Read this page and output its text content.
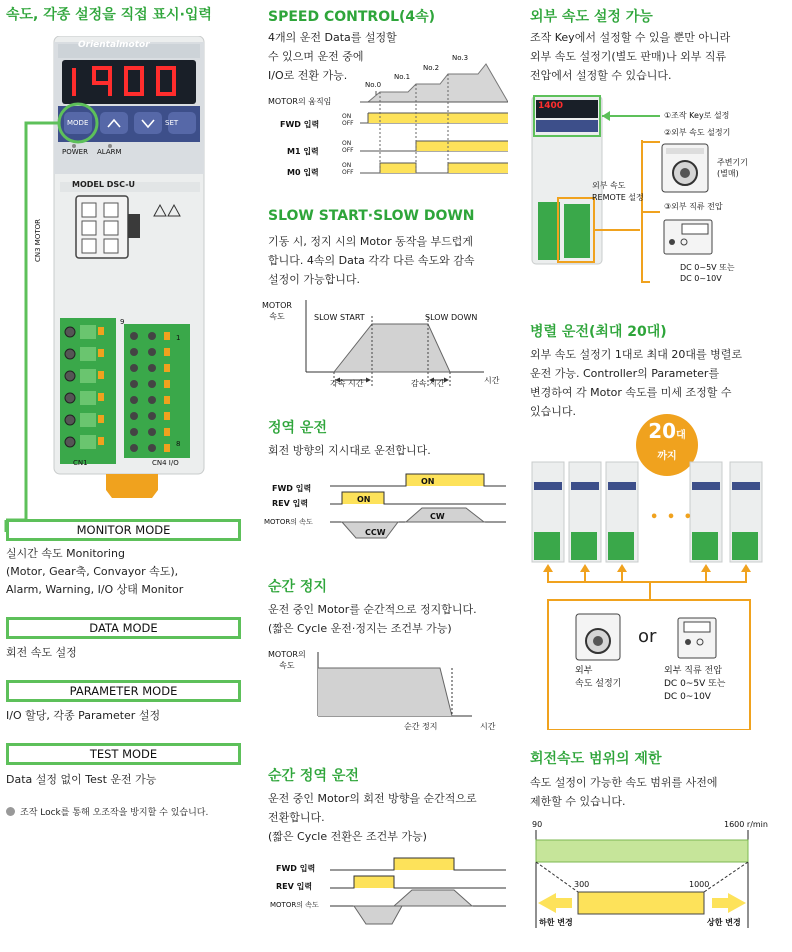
속도, 각종 설정을 직접 표시·입력
Orientalmotor
MODE	SET
POWER ALARM
MODEL DSC-U
CN3 MOTOR
CN1	CN4 I/O
1
8
9
MONITOR MODE
실시간 속도 Monitoring
(Motor, Gear축, Convayor 속도),
Alarm, Warning, I/O 상태 Monitor
DATA MODE
회전 속도 설정
PARAMETER MODE
I/O 할당, 각종 Parameter 설정
TEST MODE
Data 설정 없이 Test 운전 가능
조작 Lock를 통해 오조작을 방지할 수 있습니다.
SPEED CONTROL(4속)
4개의 운전 Data를 설정할
수 있으며 운전 중에
I/O로 전환 가능.
No.0
No.1
No.2
No.3
MOTOR의 움직임
FWD 입력
M1 입력
M0 입력
ON
OFF
ON
OFF
ON
OFF
SLOW START·SLOW DOWN
기동 시, 정지 시의 Motor 동작을 부드럽게
합니다. 4속의 Data 각각 다른 속도와 감속
설정이 가능합니다.
MOTOR
속도	SLOW START	SLOW DOWN
가속 시간	감속 시간	시간
정역 운전
회전 방향의 지시대로 운전합니다.
FWD 입력
REV 입력
MOTOR의 속도
ON
ON
CCW
CW
순간 정지
운전 중인 Motor를 순간적으로 정지합니다.
(짧은 Cycle 운전·정지는 조건부 가능)
MOTOR의
속도
순간 정지	시간
순간 정역 운전
운전 중인 Motor의 회전 방향을 순간적으로
전환합니다.
(짧은 Cycle 전환은 조건부 가능)
FWD 입력
REV 입력
MOTOR의 속도
외부 속도 설정 가능
조작 Key에서 설정할 수 있을 뿐만 아니라
외부 속도 설정기(별도 판매)나 외부 직류
전압에서 설정할 수 있습니다.
1400
①조작 Key로 설정
②외부 속도 설정기
주변기기
(별매)
외부 속도
REMOTE 설정
③외부 직류 전압
DC 0~5V 또는
DC 0~10V
병렬 운전(최대 20대)
외부 속도 설정기 1대로 최대 20대를 병렬로
운전 가능. Controller의 Parameter를
변경하여 각 Motor 속도를 미세 조정할 수
있습니다.
20대
까지
• • •
or
외부
속도 설정기
외부 직류 전압
DC 0~5V 또는
DC 0~10V
회전속도 범위의 제한
속도 설정이 가능한 속도 범위를 사전에
제한할 수 있습니다.
90	1600 r/min
300	1000
하한 변경	상한 변경
